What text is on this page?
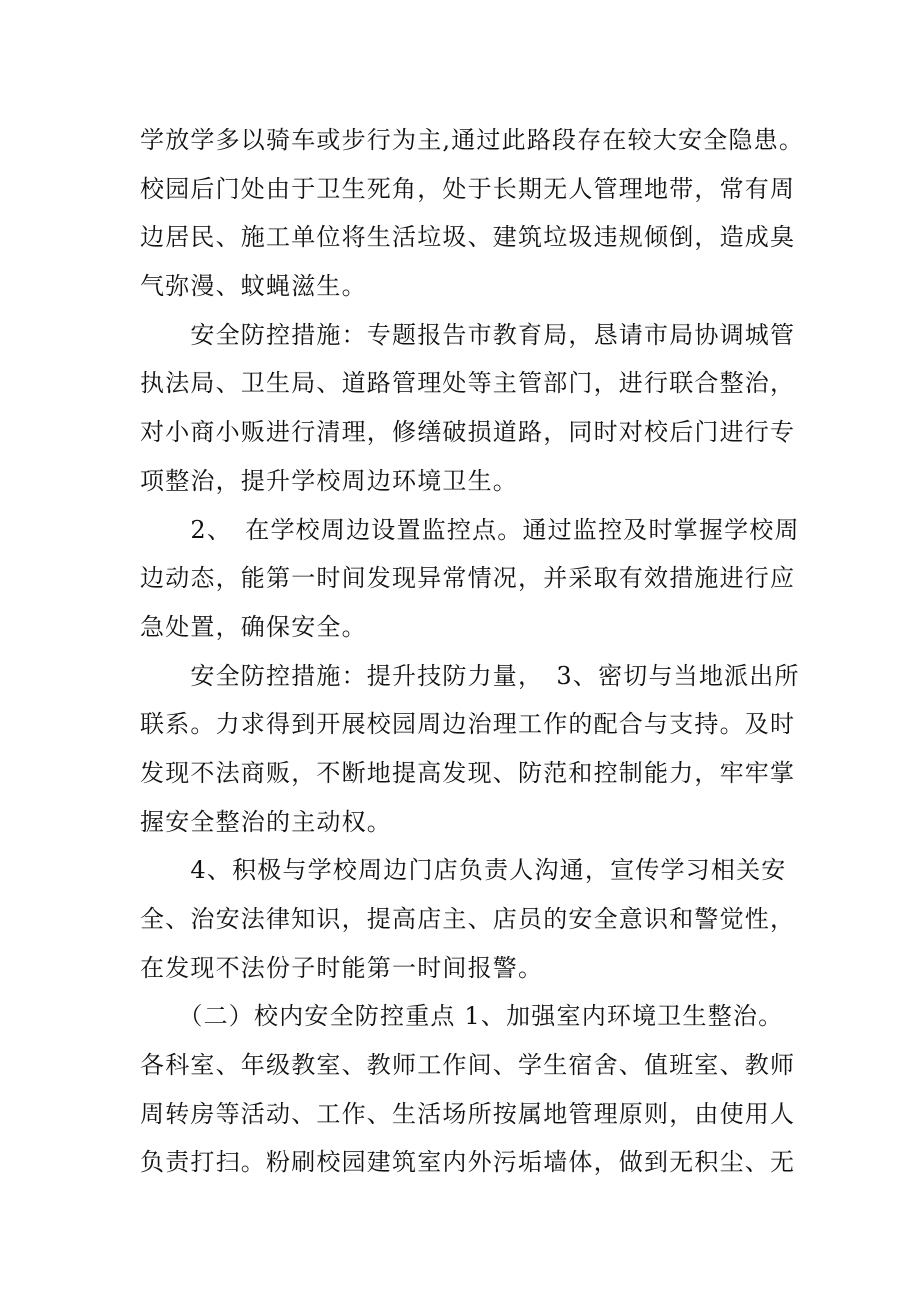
学放学多以骑车或步行为主,通过此路段存在较大安全隐患。
校园后门处由于卫生死角，处于长期无人管理地带，常有周
边居民、施工单位将生活垃圾、建筑垃圾违规倾倒，造成臭
气弥漫、蚊蝇滋生。
　　安全防控措施：专题报告市教育局，恳请市局协调城管
执法局、卫生局、道路管理处等主管部门，进行联合整治，
对小商小贩进行清理，修缮破损道路，同时对校后门进行专
项整治，提升学校周边环境卫生。
　　2、　在学校周边设置监控点。通过监控及时掌握学校周
边动态，能第一时间发现异常情况，并采取有效措施进行应
急处置，确保安全。
　　安全防控措施：提升技防力量，　3、密切与当地派出所
联系。力求得到开展校园周边治理工作的配合与支持。及时
发现不法商贩，不断地提高发现、防范和控制能力，牢牢掌
握安全整治的主动权。
　　4、积极与学校周边门店负责人沟通，宣传学习相关安
全、治安法律知识，提高店主、店员的安全意识和警觉性，
在发现不法份子时能第一时间报警。
　　（二）校内安全防控重点 1、加强室内环境卫生整治。
各科室、年级教室、教师工作间、学生宿舍、值班室、教师
周转房等活动、工作、生活场所按属地管理原则，由使用人
负责打扫。粉刷校园建筑室内外污垢墙体，做到无积尘、无
